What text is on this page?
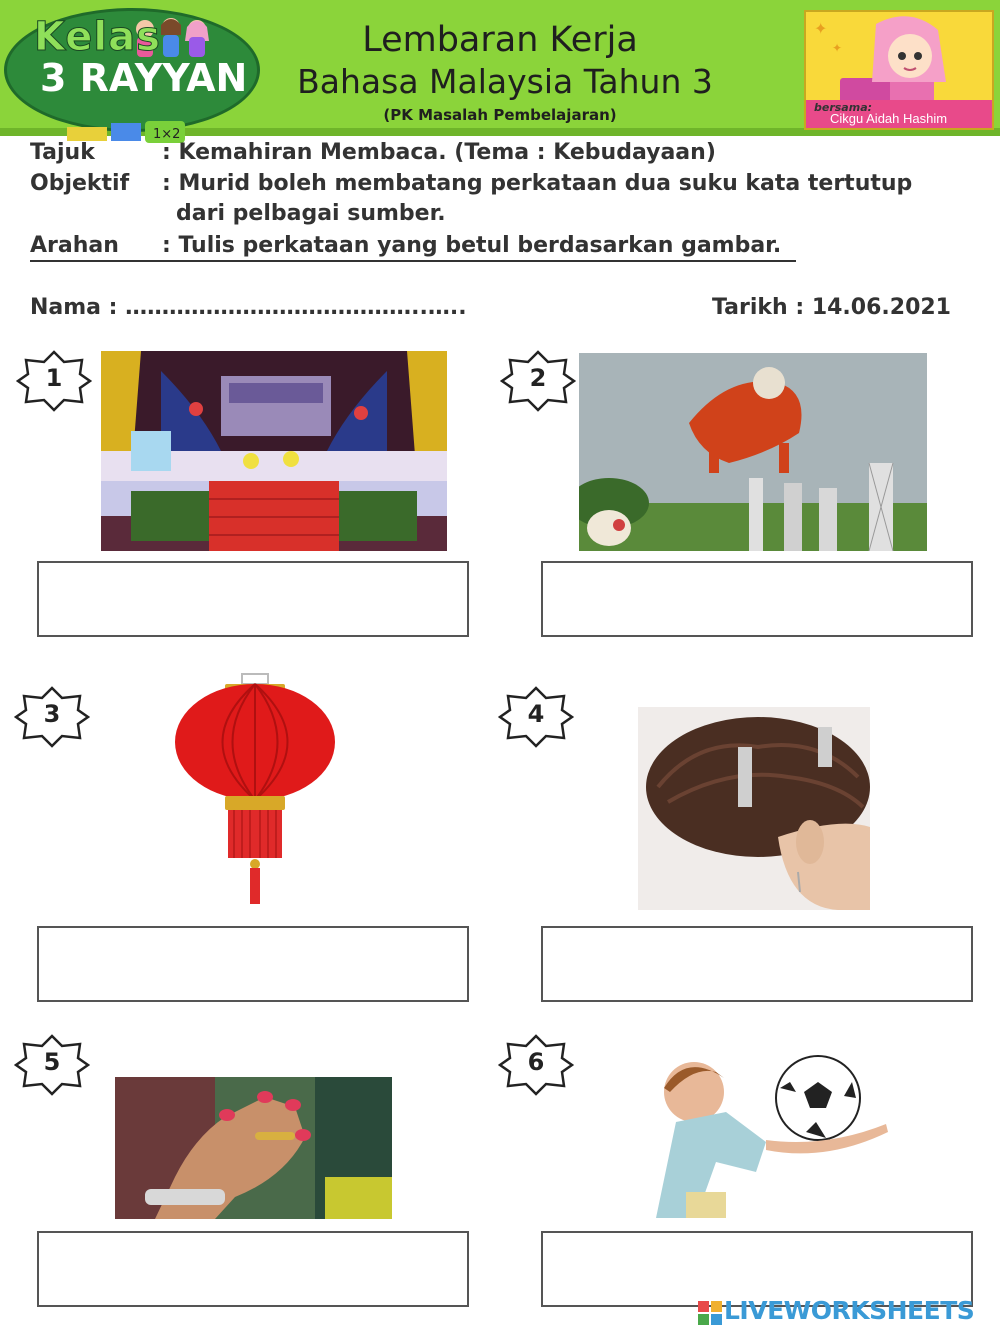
1×2
Kelas
3 RAYYAN
Lembaran Kerja
Bahasa Malaysia Tahun 3
(PK Masalah Pembelajaran)
✦
✦
bersama:
Cikgu Aidah Hashim
Tajuk	: Kemahiran Membaca. (Tema : Kebudayaan)
Objektif : Murid boleh membatang perkataan dua suku kata tertutup
dari pelbagai sumber.
Arahan : Tulis perkataan yang betul berdasarkan gambar.
Nama : …………………………………..…..	Tarikh : 14.06.2021
1	2
3	4
5	6
LIVEWORKSHEETS
